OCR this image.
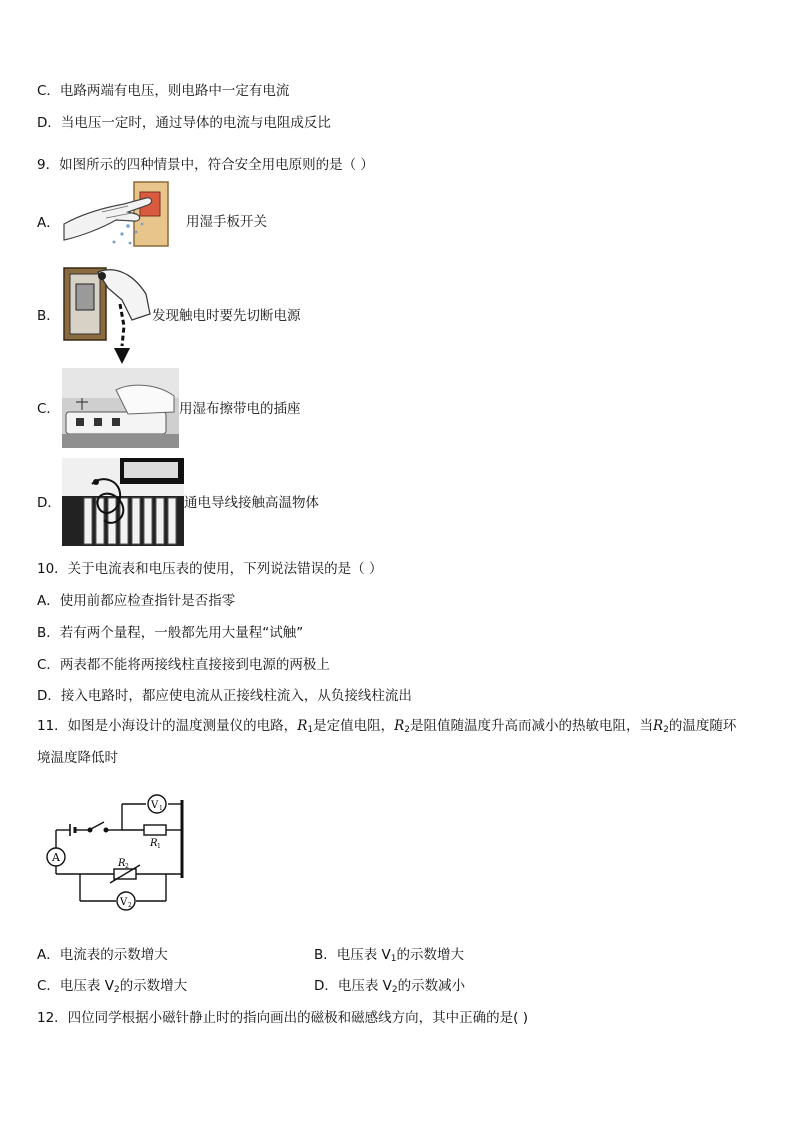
C．电路两端有电压，则电路中一定有电流
D．当电压一定时，通过导体的电流与电阻成反比
9．如图所示的四种情景中，符合安全用电原则的是（ ）
A．	用湿手板开关
B．	发现触电时要先切断电源
C．	用湿布擦带电的插座
D．	通电导线接触高温物体
10．关于电流表和电压表的使用，下列说法错误的是（ ）
A．使用前都应检查指针是否指零
B．若有两个量程，一般都先用大量程“试触”
C．两表都不能将两接线柱直接接到电源的两极上
D．接入电路时，都应使电流从正接线柱流入，从负接线柱流出
11．如图是小海设计的温度测量仪的电路，$R_1$是定值电阻，$R_2$是阻值随温度升高而减小的热敏电阻，当$R_2$的温度随环
境温度降低时
A
V 1
V 2
R 1
R 2
A．电流表的示数增大	B．电压表 $V_1$的示数增大
C．电压表 $V_2$的示数增大	D．电压表 $V_2$的示数减小
12．四位同学根据小磁针静止时的指向画出的磁极和磁感线方向，其中正确的是( )
